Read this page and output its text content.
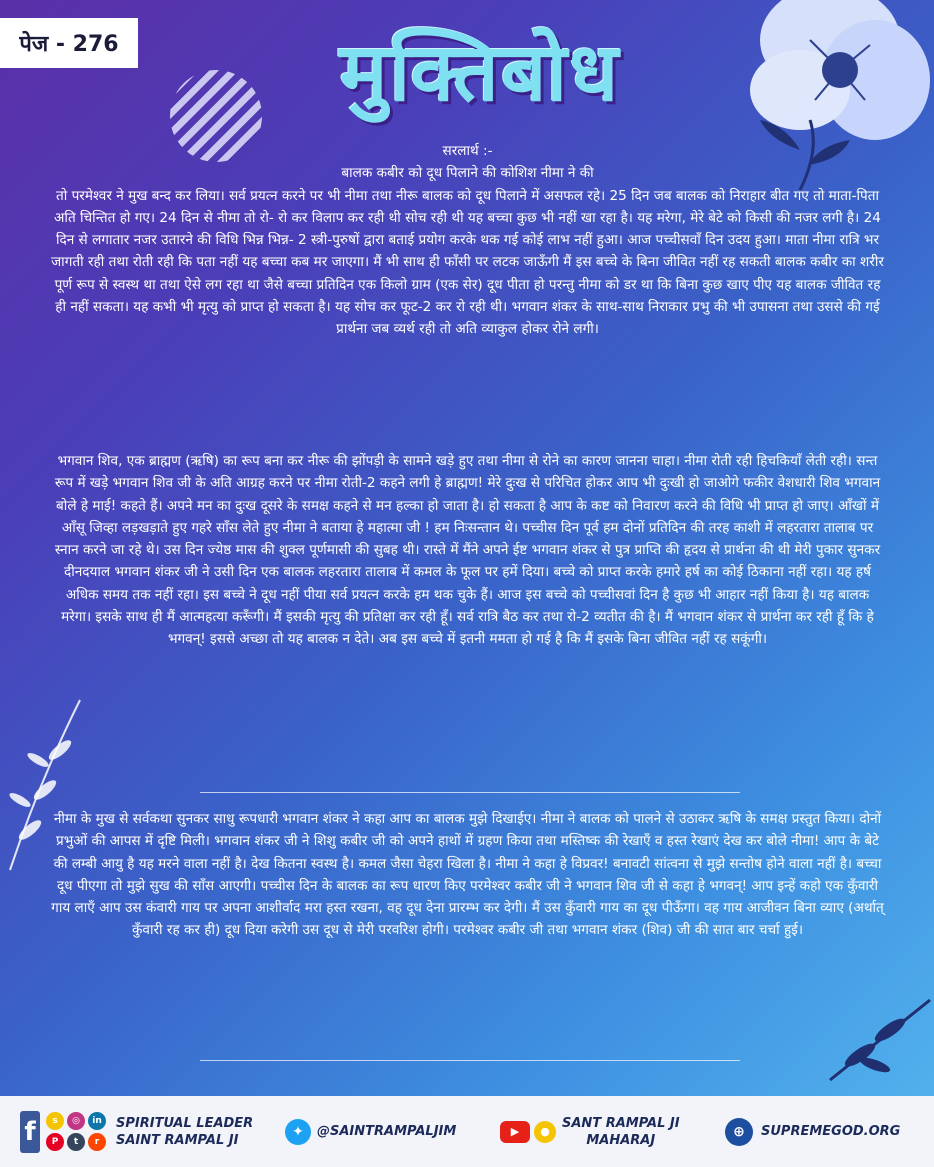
पेज - 276	मुक्तिबोध
सरलार्थ :-
बालक कबीर को दूध पिलाने की कोशिश नीमा ने की
तो परमेश्वर ने मुख बन्द कर लिया। सर्व प्रयत्न करने पर भी नीमा तथा नीरू बालक को दूध पिलाने में असफल रहे। 25 दिन जब बालक को निराहार बीत गए तो माता-पिता अति चिन्तित हो गए। 24 दिन से नीमा तो रो- रो कर विलाप कर रही थी सोच रही थी यह बच्चा कुछ भी नहीं खा रहा है। यह मरेगा, मेरे बेटे को किसी की नजर लगी है। 24 दिन से लगातार नजर उतारने की विधि भिन्न भिन्न- 2 स्त्री-पुरुषों द्वारा बताई प्रयोग करके थक गई कोई लाभ नहीं हुआ। आज पच्चीसवाँ दिन उदय हुआ। माता नीमा रात्रि भर जागती रही तथा रोती रही कि पता नहीं यह बच्चा कब मर जाएगा। मैं भी साथ ही फाँसी पर लटक जाऊँगी मैं इस बच्चे के बिना जीवित नहीं रह सकती बालक कबीर का शरीर पूर्ण रूप से स्वस्थ था तथा ऐसे लग रहा था जैसे बच्चा प्रतिदिन एक किलो ग्राम (एक सेर) दूध पीता हो परन्तु नीमा को डर था कि बिना कुछ खाए पीए यह बालक जीवित रह ही नहीं सकता। यह कभी भी मृत्यु को प्राप्त हो सकता है। यह सोच कर फूट-2 कर रो रही थी। भगवान शंकर के साथ-साथ निराकार प्रभु की भी उपासना तथा उससे की गई प्रार्थना जब व्यर्थ रही तो अति व्याकुल होकर रोने लगी।
भगवान शिव, एक ब्राह्मण (ऋषि) का रूप बना कर नीरू की झोंपड़ी के सामने खड़े हुए तथा नीमा से रोने का कारण जानना चाहा। नीमा रोती रही हिचकियाँ लेती रही। सन्त रूप में खड़े भगवान शिव जी के अति आग्रह करने पर नीमा रोती-2 कहने लगी हे ब्राह्मण! मेरे दुःख से परिचित होकर आप भी दुःखी हो जाओगे फकीर वेशधारी शिव भगवान बोले हे माई! कहते हैं। अपने मन का दुःख दूसरे के समक्ष कहने से मन हल्का हो जाता है। हो सकता है आप के कष्ट को निवारण करने की विधि भी प्राप्त हो जाए। आँखों में आँसू जिव्हा लड़खड़ाते हुए गहरे साँस लेते हुए नीमा ने बताया हे महात्मा जी ! हम निःसन्तान थे। पच्चीस दिन पूर्व हम दोनों प्रतिदिन की तरह काशी में लहरतारा तालाब पर स्नान करने जा रहे थे। उस दिन ज्येष्ठ मास की शुक्ल पूर्णमासी की सुबह थी। रास्ते में मैंने अपने ईष्ट भगवान शंकर से पुत्र प्राप्ति की हृदय से प्रार्थना की थी मेरी पुकार सुनकर दीनदयाल भगवान शंकर जी ने उसी दिन एक बालक लहरतारा तालाब में कमल के फूल पर हमें दिया। बच्चे को प्राप्त करके हमारे हर्ष का कोई ठिकाना नहीं रहा। यह हर्ष अधिक समय तक नहीं रहा। इस बच्चे ने दूध नहीं पीया सर्व प्रयत्न करके हम थक चुके हैं। आज इस बच्चे को पच्चीसवां दिन है कुछ भी आहार नहीं किया है। यह बालक मरेगा। इसके साथ ही मैं आत्महत्या करूँगी। मैं इसकी मृत्यु की प्रतिक्षा कर रही हूँ। सर्व रात्रि बैठ कर तथा रो-2 व्यतीत की है। मैं भगवान शंकर से प्रार्थना कर रही हूँ कि हे भगवन्! इससे अच्छा तो यह बालक न देते। अब इस बच्चे में इतनी ममता हो गई है कि मैं इसके बिना जीवित नहीं रह सकूंगी।
नीमा के मुख से सर्वकथा सुनकर साधु रूपधारी भगवान शंकर ने कहा आप का बालक मुझे दिखाईए। नीमा ने बालक को पालने से उठाकर ऋषि के समक्ष प्रस्तुत किया। दोनों प्रभुओं की आपस में दृष्टि मिली। भगवान शंकर जी ने शिशु कबीर जी को अपने हाथों में ग्रहण किया तथा मस्तिष्क की रेखाएँ व हस्त रेखाएं देख कर बोले नीमा! आप के बेटे की लम्बी आयु है यह मरने वाला नहीं है। देख कितना स्वस्थ है। कमल जैसा चेहरा खिला है। नीमा ने कहा हे विप्रवर! बनावटी सांत्वना से मुझे सन्तोष होने वाला नहीं है। बच्चा दूध पीएगा तो मुझे सुख की साँस आएगी। पच्चीस दिन के बालक का रूप धारण किए परमेश्वर कबीर जी ने भगवान शिव जी से कहा हे भगवन्! आप इन्हें कहो एक कुँवारी गाय लाएँ आप उस कंवारी गाय पर अपना आशीर्वाद मरा हस्त रखना, वह दूध देना प्रारम्भ कर देगी। मैं उस कुँवारी गाय का दूध पीऊँगा। वह गाय आजीवन बिना व्याए (अर्थात् कुँवारी रह कर ही) दूध दिया करेगी उस दूध से मेरी परवरिश होगी। परमेश्वर कबीर जी तथा भगवान शंकर (शिव) जी की सात बार चर्चा हुई।
f	s	◎	in
P	t	r
SPIRITUAL LEADER
SAINT RAMPAL JI
✦	@SAINTRAMPALJIM	▶	●
SANT RAMPAL JI
MAHARAJ
⊕	SUPREMEGOD.ORG
